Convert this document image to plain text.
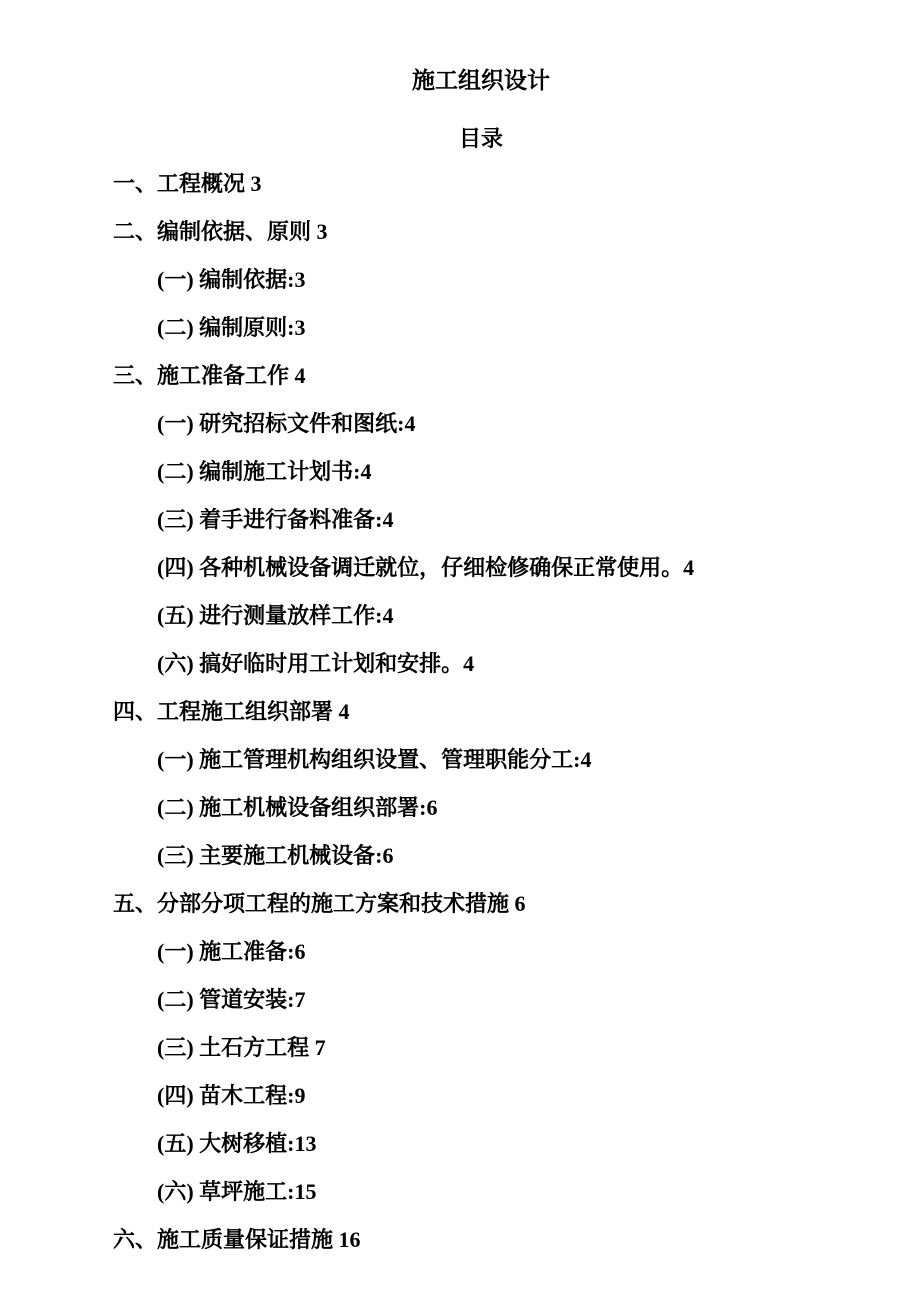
施工组织设计
目录
一、工程概况 3
二、编制依据、原则 3
(一) 编制依据:3
(二) 编制原则:3
三、施工准备工作 4
(一) 研究招标文件和图纸:4
(二) 编制施工计划书:4
(三) 着手进行备料准备:4
(四) 各种机械设备调迁就位，仔细检修确保正常使用。4
(五) 进行测量放样工作:4
(六) 搞好临时用工计划和安排。4
四、工程施工组织部署 4
(一) 施工管理机构组织设置、管理职能分工:4
(二) 施工机械设备组织部署:6
(三) 主要施工机械设备:6
五、分部分项工程的施工方案和技术措施 6
(一) 施工准备:6
(二) 管道安装:7
(三) 土石方工程 7
(四) 苗木工程:9
(五) 大树移植:13
(六) 草坪施工:15
六、施工质量保证措施 16
